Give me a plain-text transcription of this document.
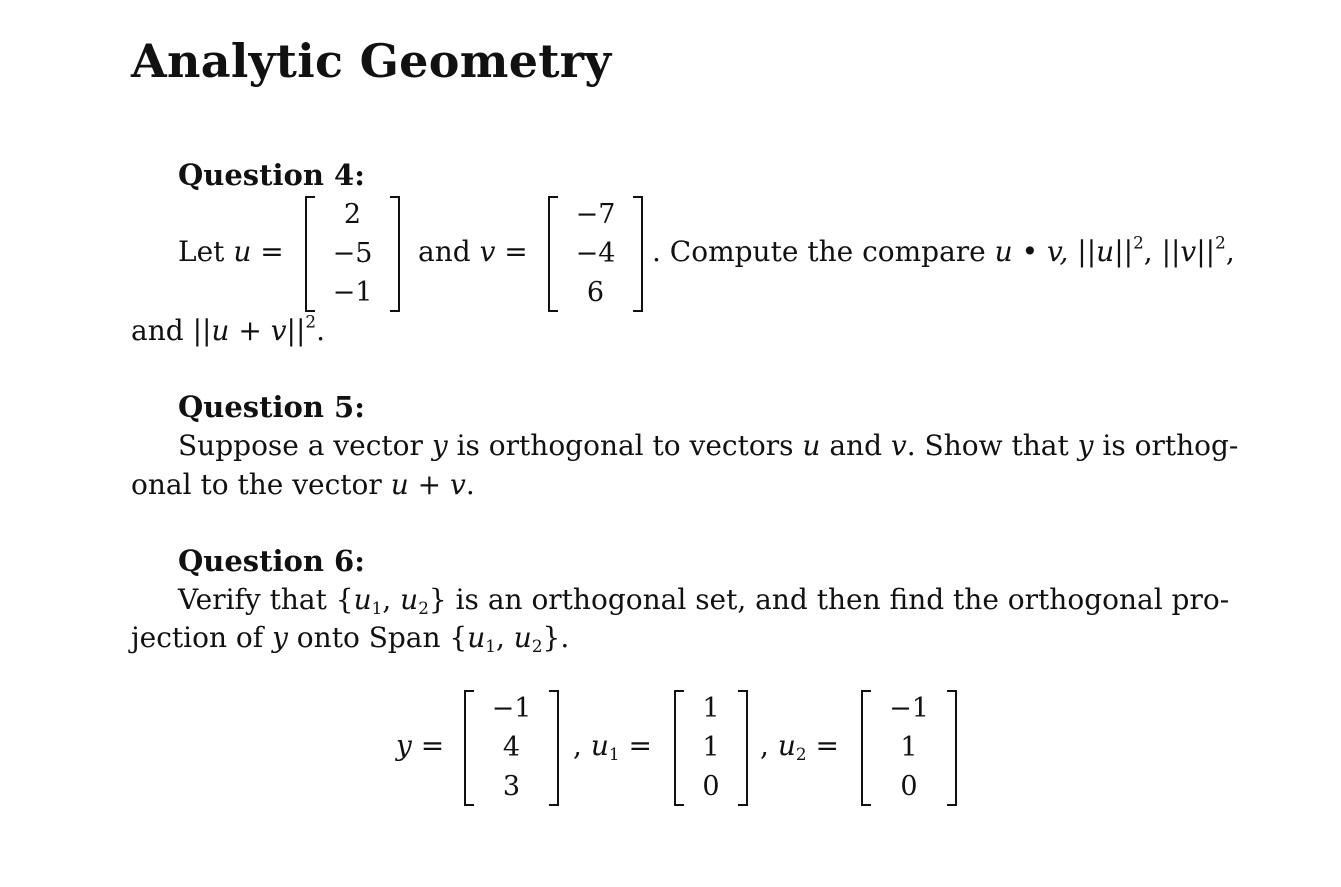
Analytic Geometry
Question 4:
Let u =
2
−5
−1
and v =
−7
−4
6
. Compute the compare u • v, $||u||^2$, $||v||^2$,
and $||u + v||^2$.
Question 5:
Suppose a vector y is orthogonal to vectors u and v. Show that y is orthog-
onal to the vector u + v.
Question 6:
Verify that {$u_1$, $u_2$} is an orthogonal set, and then find the orthogonal pro-
jection of y onto Span {$u_1$, $u_2$}.
y =
−1
4
3
, $u_1$ =
1
1
0
, $u_2$ =
−1
1
0
